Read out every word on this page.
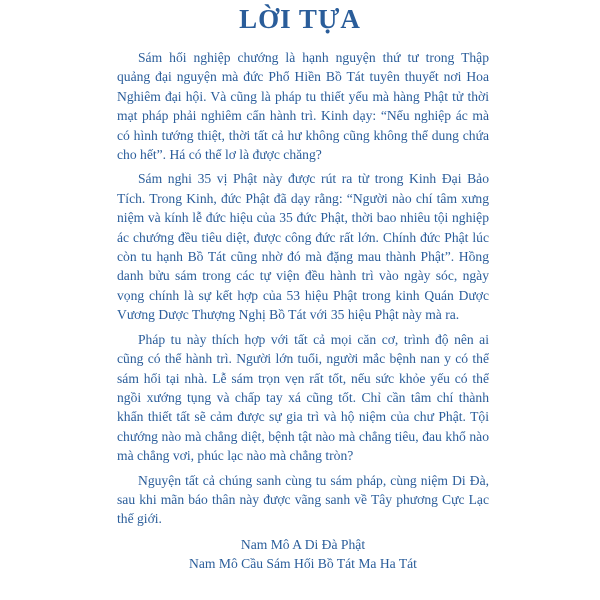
LỜI TỰA

Sám hối nghiệp chướng là hạnh nguyện thứ tư trong Thập quảng đại nguyện mà đức Phổ Hiền Bồ Tát tuyên thuyết nơi Hoa Nghiêm đại hội. Và cũng là pháp tu thiết yếu mà hàng Phật tử thời mạt pháp phải nghiêm cẩn hành trì. Kinh dạy: “Nếu nghiệp ác mà có hình tướng thiệt, thời tất cả hư không cũng không thể dung chứa cho hết”. Há có thể lơ là được chăng?

Sám nghi 35 vị Phật này được rút ra từ trong Kinh Đại Bảo Tích. Trong Kinh, đức Phật đã dạy rằng: “Người nào chí tâm xưng niệm và kính lễ đức hiệu của 35 đức Phật, thời bao nhiêu tội nghiệp ác chướng đều tiêu diệt, được công đức rất lớn. Chính đức Phật lúc còn tu hạnh Bồ Tát cũng nhờ đó mà đặng mau thành Phật”. Hồng danh bửu sám trong các tự viện đều hành trì vào ngày sóc, ngày vọng chính là sự kết hợp của 53 hiệu Phật trong kinh Quán Dược Vương Dược Thượng Nghị Bồ Tát với 35 hiệu Phật này mà ra.

Pháp tu này thích hợp với tất cả mọi căn cơ, trình độ nên ai cũng có thể hành trì. Người lớn tuổi, người mắc bệnh nan y có thể sám hối tại nhà. Lễ sám trọn vẹn rất tốt, nếu sức khỏe yếu có thể ngồi xướng tụng và chấp tay xá cũng tốt. Chỉ cần tâm chí thành khẩn thiết tất sẽ cảm được sự gia trì và hộ niệm của chư Phật. Tội chướng nào mà chẳng diệt, bệnh tật nào mà chẳng tiêu, đau khổ nào mà chẳng vơi, phúc lạc nào mà chẳng tròn?

Nguyện tất cả chúng sanh cùng tu sám pháp, cùng niệm Di Đà, sau khi mãn báo thân này được vãng sanh về Tây phương Cực Lạc thế giới.

Nam Mô A Di Đà Phật
Nam Mô Cầu Sám Hối Bồ Tát Ma Ha Tát
